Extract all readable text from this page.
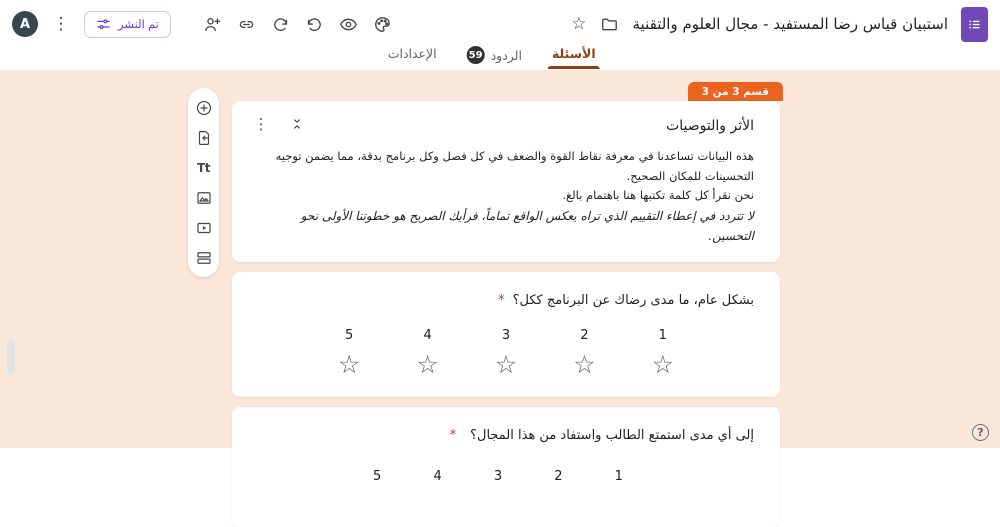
A	⋮	تم النشر	☆	استبيان قياس رضا المستفيد - مجال العلوم والتقنية
الأسئلة
الردود
59
الإعدادات
Tt
قسم 3 من 3
⋮	الأثر والتوصيات

هذه البيانات تساعدنا في معرفة نقاط القوة والضعف في كل فصل وكل برنامج بدقة، مما يضمن توجيه التحسينات للمكان الصحيح.

نحن نقرأ كل كلمة تكتبها هنا باهتمام بالغ.

لا تتردد في إعطاء التقييم الذي تراه يعكس الواقع تماماً، فرأيك الصريح هو خطوتنا الأولى نحو التحسين.

بشكل عام، ما مدى رضاك عن البرنامج ككل؟
*
1
☆
2
☆
3
☆
4
☆
5
☆
إلى أي مدى استمتع الطالب واستفاد من هذا المجال؟
*
1
2
3
4
5
?
